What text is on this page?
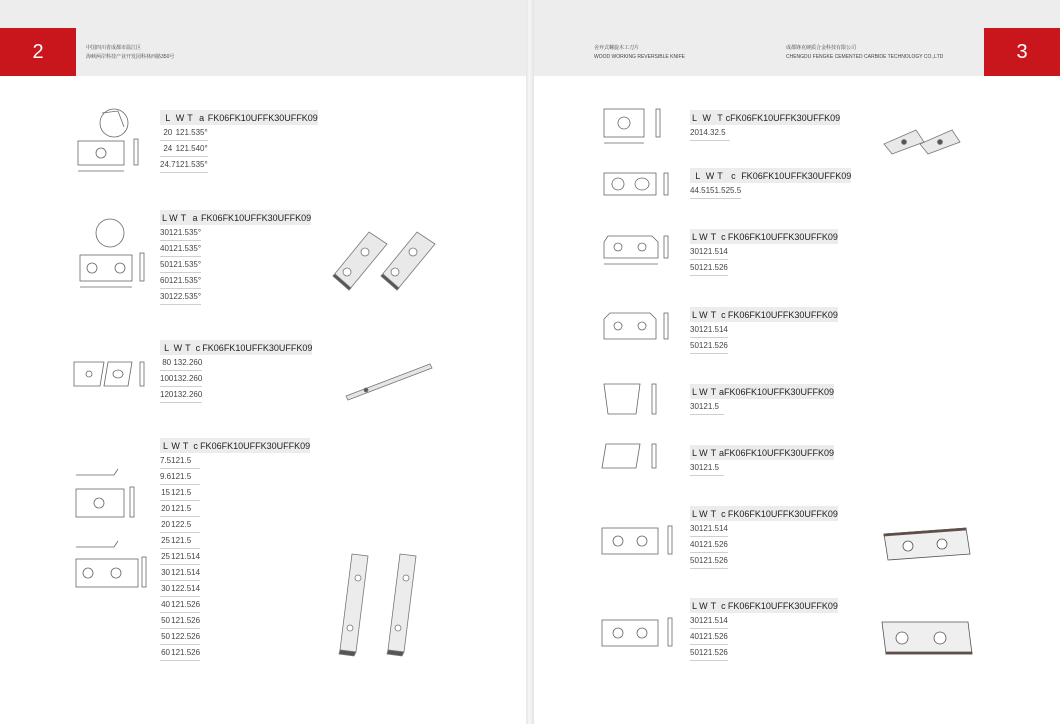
中国四川省成都市温江区
海峡两岸科技产业开发园科林西路350号
2	舍弃式螺旋木工刀片
WOOD WORKING REVERSIBLE KNIFE
成都锋克硬质合金科技有限公司
CHENGDU FENGKE CEMENTED CARBIDE TECHNOLOGY CO.,LTD	3
L	W	T	a	FK06	FK10UF	FK30UF	FK09
20	12	1.5	35°				
24	12	1.5	40°				
24.7	12	1.5	35°				
L	W	T	a	FK06	FK10UF	FK30UF	FK09
30	12	1.5	35°				
40	12	1.5	35°				
50	12	1.5	35°				
60	12	1.5	35°				
30	12	2.5	35°				
L	W	T	c	FK06	FK10UF	FK30UF	FK09
80	13	2.2	60				
100	13	2.2	60				
120	13	2.2	60				
L	W	T	c	FK06	FK10UF	FK30UF	FK09
7.5	12	1.5					
9.6	12	1.5					
15	12	1.5					
20	12	1.5					
20	12	2.5					
25	12	1.5					
25	12	1.5	14				
30	12	1.5	14				
30	12	2.5	14				
40	12	1.5	26				
50	12	1.5	26				
50	12	2.5	26				
60	12	1.5	26				
L	W	T	c	FK06	FK10UF	FK30UF	FK09
20	14.3	2.5					
L	W	T	c	FK06	FK10UF	FK30UF	FK09
44.5	15	1.5	25.5				
L	W	T	c	FK06	FK10UF	FK30UF	FK09
30	12	1.5	14				
50	12	1.5	26				
L	W	T	c	FK06	FK10UF	FK30UF	FK09
30	12	1.5	14				
50	12	1.5	26				
L	W	T	a	FK06	FK10UF	FK30UF	FK09
30	12	1.5					
L	W	T	a	FK06	FK10UF	FK30UF	FK09
30	12	1.5					
L	W	T	c	FK06	FK10UF	FK30UF	FK09
30	12	1.5	14				
40	12	1.5	26				
50	12	1.5	26				
L	W	T	c	FK06	FK10UF	FK30UF	FK09
30	12	1.5	14				
40	12	1.5	26				
50	12	1.5	26				
